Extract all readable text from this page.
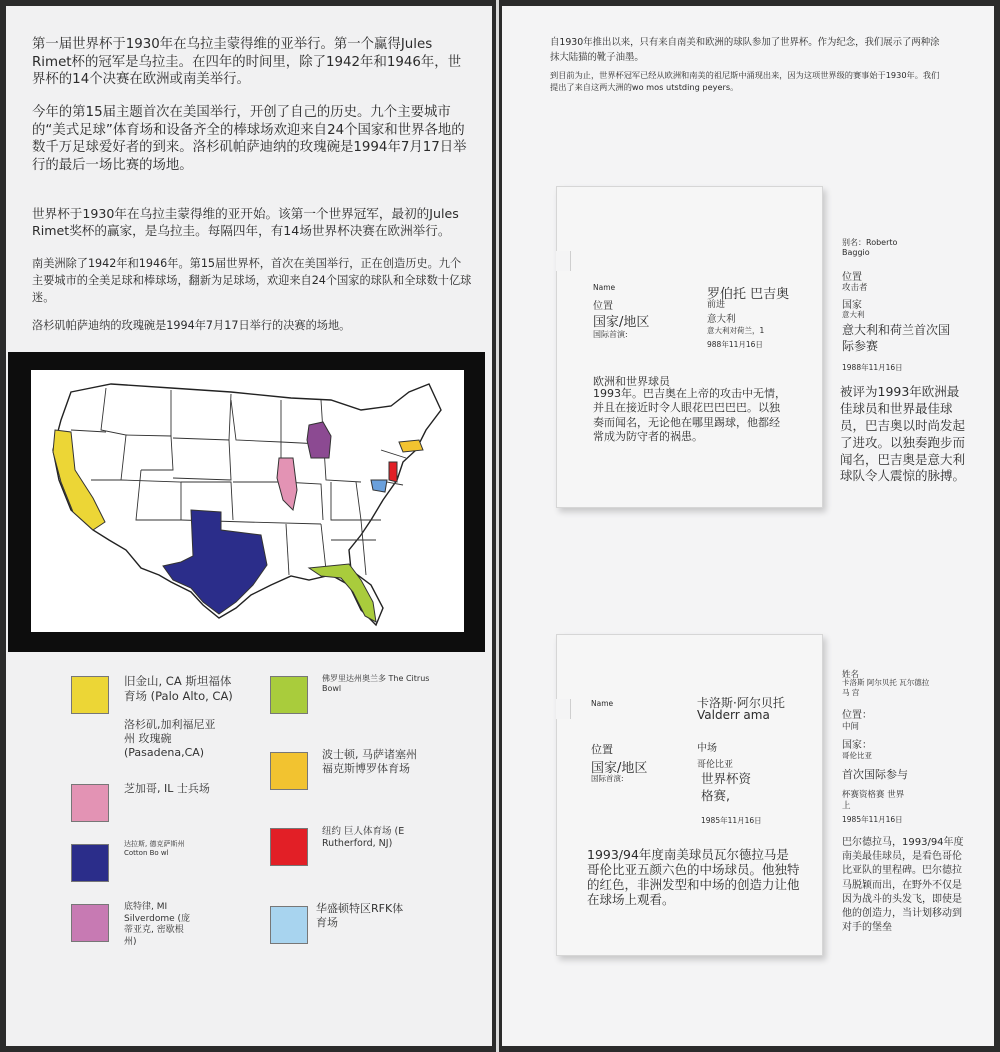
第一届世界杯于1930年在乌拉圭蒙得维的亚举行。第一个赢得Jules Rimet杯的冠军是乌拉圭。在四年的时间里，除了1942年和1946年，世界杯的14个决赛在欧洲或南美举行。
今年的第15届主题首次在美国举行，开创了自己的历史。九个主要城市的“美式足球”体育场和设备齐全的棒球场欢迎来自24个国家和世界各地的数千万足球爱好者的到来。洛杉矶帕萨迪纳的玫瑰碗是1994年7月17日举行的最后一场比赛的场地。
世界杯于1930年在乌拉圭蒙得维的亚开始。该第一个世界冠军，最初的Jules Rimet奖杯的赢家，是乌拉圭。每隔四年，有14场世界杯决赛在欧洲举行。
南美洲除了1942年和1946年。第15届世界杯，首次在美国举行，正在创造历史。九个主要城市的全美足球和棒球场，翻新为足球场，欢迎来自24个国家的球队和全球数十亿球迷。
洛杉矶帕萨迪纳的玫瑰碗是1994年7月17日举行的决赛的场地。
旧金山, CA 斯坦福体育场 (Palo Alto, CA)
洛杉矶,加利福尼亚州 玫瑰碗(Pasadena,CA)
芝加哥, IL 士兵场
达拉斯, 德克萨斯州Cotton Bo wl
底特律, MI Silverdome (庞蒂亚克, 密歇根州)
佛罗里达州奥兰多 The Citrus Bowl
波士顿, 马萨诸塞州福克斯博罗体育场
纽约 巨人体育场 (E Rutherford, NJ)
华盛顿特区RFK体育场
自1930年推出以来，只有来自南美和欧洲的球队参加了世界杯。作为纪念，我们展示了两种涂抹大陆猫的靴子油墨。
到目前为止，世界杯冠军已经从欧洲和南美的祖尼斯中涌现出来，因为这项世界级的赛事始于1930年。我们提出了来自这两大洲的wo mos utstding peyers。
Name	罗伯托 巴吉奥
位置	前进
国家/地区	意大利
国际首演:	意大利对荷兰，1
988年11月16日
欧洲和世界球员
1993年。巴吉奥在上帝的攻击中无情，并且在接近时令人眼花巴巴巴巴。以独奏而闻名，无论他在哪里踢球，他都经常成为防守者的祸患。
别名：Roberto Baggio
位置
攻击者
国家
意大利
意大利和荷兰首次国际参赛
1988年11月16日
被评为1993年欧洲最佳球员和世界最佳球员，巴吉奥以时尚发起了进攻。以独奏跑步而闻名，巴吉奥是意大利球队令人震惊的脉搏。
Name	卡洛斯·阿尔贝托 Valderr ama
位置	中场
国家/地区	哥伦比亚
国际首演:	世界杯资格赛,
1985年11月16日
1993/94年度南美球员瓦尔德拉马是哥伦比亚五颜六色的中场球员。他独特的红色，非洲发型和中场的创造力让他在球场上观看。
姓名
卡洛斯 阿尔贝托 瓦尔德拉马 宫
位置：
中间
国家：
哥伦比亚
首次国际参与
杯赛资格赛 世界 上
1985年11月16日
巴尔德拉马，1993/94年度南美最佳球员，是看色哥伦比亚队的里程碑。巴尔德拉马脱颖而出，在野外不仅是因为战斗的头发飞，即使是他的创造力，当计划移动到对手的堡垒
